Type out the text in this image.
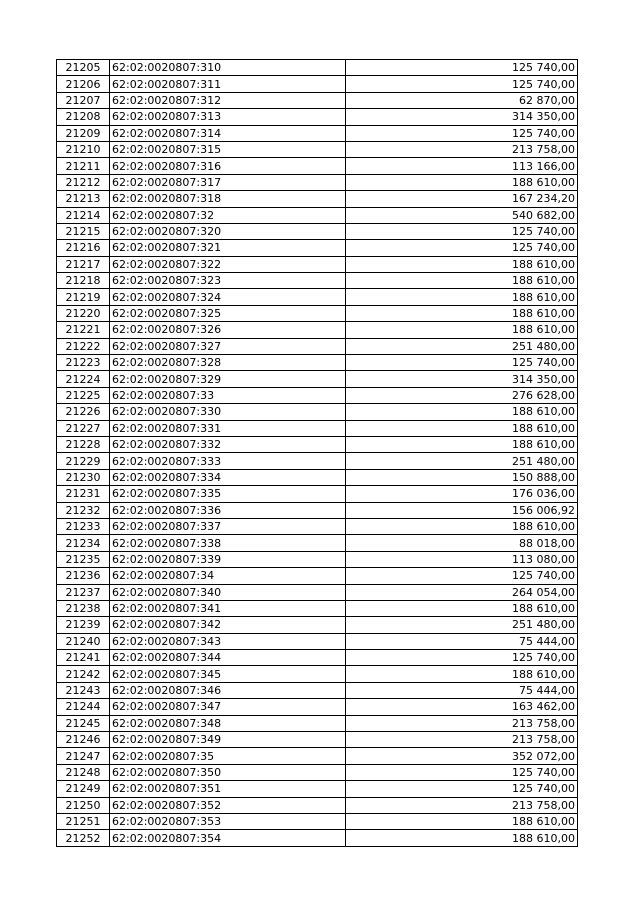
21205	62:02:0020807:310	125 740,00
21206	62:02:0020807:311	125 740,00
21207	62:02:0020807:312	62 870,00
21208	62:02:0020807:313	314 350,00
21209	62:02:0020807:314	125 740,00
21210	62:02:0020807:315	213 758,00
21211	62:02:0020807:316	113 166,00
21212	62:02:0020807:317	188 610,00
21213	62:02:0020807:318	167 234,20
21214	62:02:0020807:32	540 682,00
21215	62:02:0020807:320	125 740,00
21216	62:02:0020807:321	125 740,00
21217	62:02:0020807:322	188 610,00
21218	62:02:0020807:323	188 610,00
21219	62:02:0020807:324	188 610,00
21220	62:02:0020807:325	188 610,00
21221	62:02:0020807:326	188 610,00
21222	62:02:0020807:327	251 480,00
21223	62:02:0020807:328	125 740,00
21224	62:02:0020807:329	314 350,00
21225	62:02:0020807:33	276 628,00
21226	62:02:0020807:330	188 610,00
21227	62:02:0020807:331	188 610,00
21228	62:02:0020807:332	188 610,00
21229	62:02:0020807:333	251 480,00
21230	62:02:0020807:334	150 888,00
21231	62:02:0020807:335	176 036,00
21232	62:02:0020807:336	156 006,92
21233	62:02:0020807:337	188 610,00
21234	62:02:0020807:338	88 018,00
21235	62:02:0020807:339	113 080,00
21236	62:02:0020807:34	125 740,00
21237	62:02:0020807:340	264 054,00
21238	62:02:0020807:341	188 610,00
21239	62:02:0020807:342	251 480,00
21240	62:02:0020807:343	75 444,00
21241	62:02:0020807:344	125 740,00
21242	62:02:0020807:345	188 610,00
21243	62:02:0020807:346	75 444,00
21244	62:02:0020807:347	163 462,00
21245	62:02:0020807:348	213 758,00
21246	62:02:0020807:349	213 758,00
21247	62:02:0020807:35	352 072,00
21248	62:02:0020807:350	125 740,00
21249	62:02:0020807:351	125 740,00
21250	62:02:0020807:352	213 758,00
21251	62:02:0020807:353	188 610,00
21252	62:02:0020807:354	188 610,00
